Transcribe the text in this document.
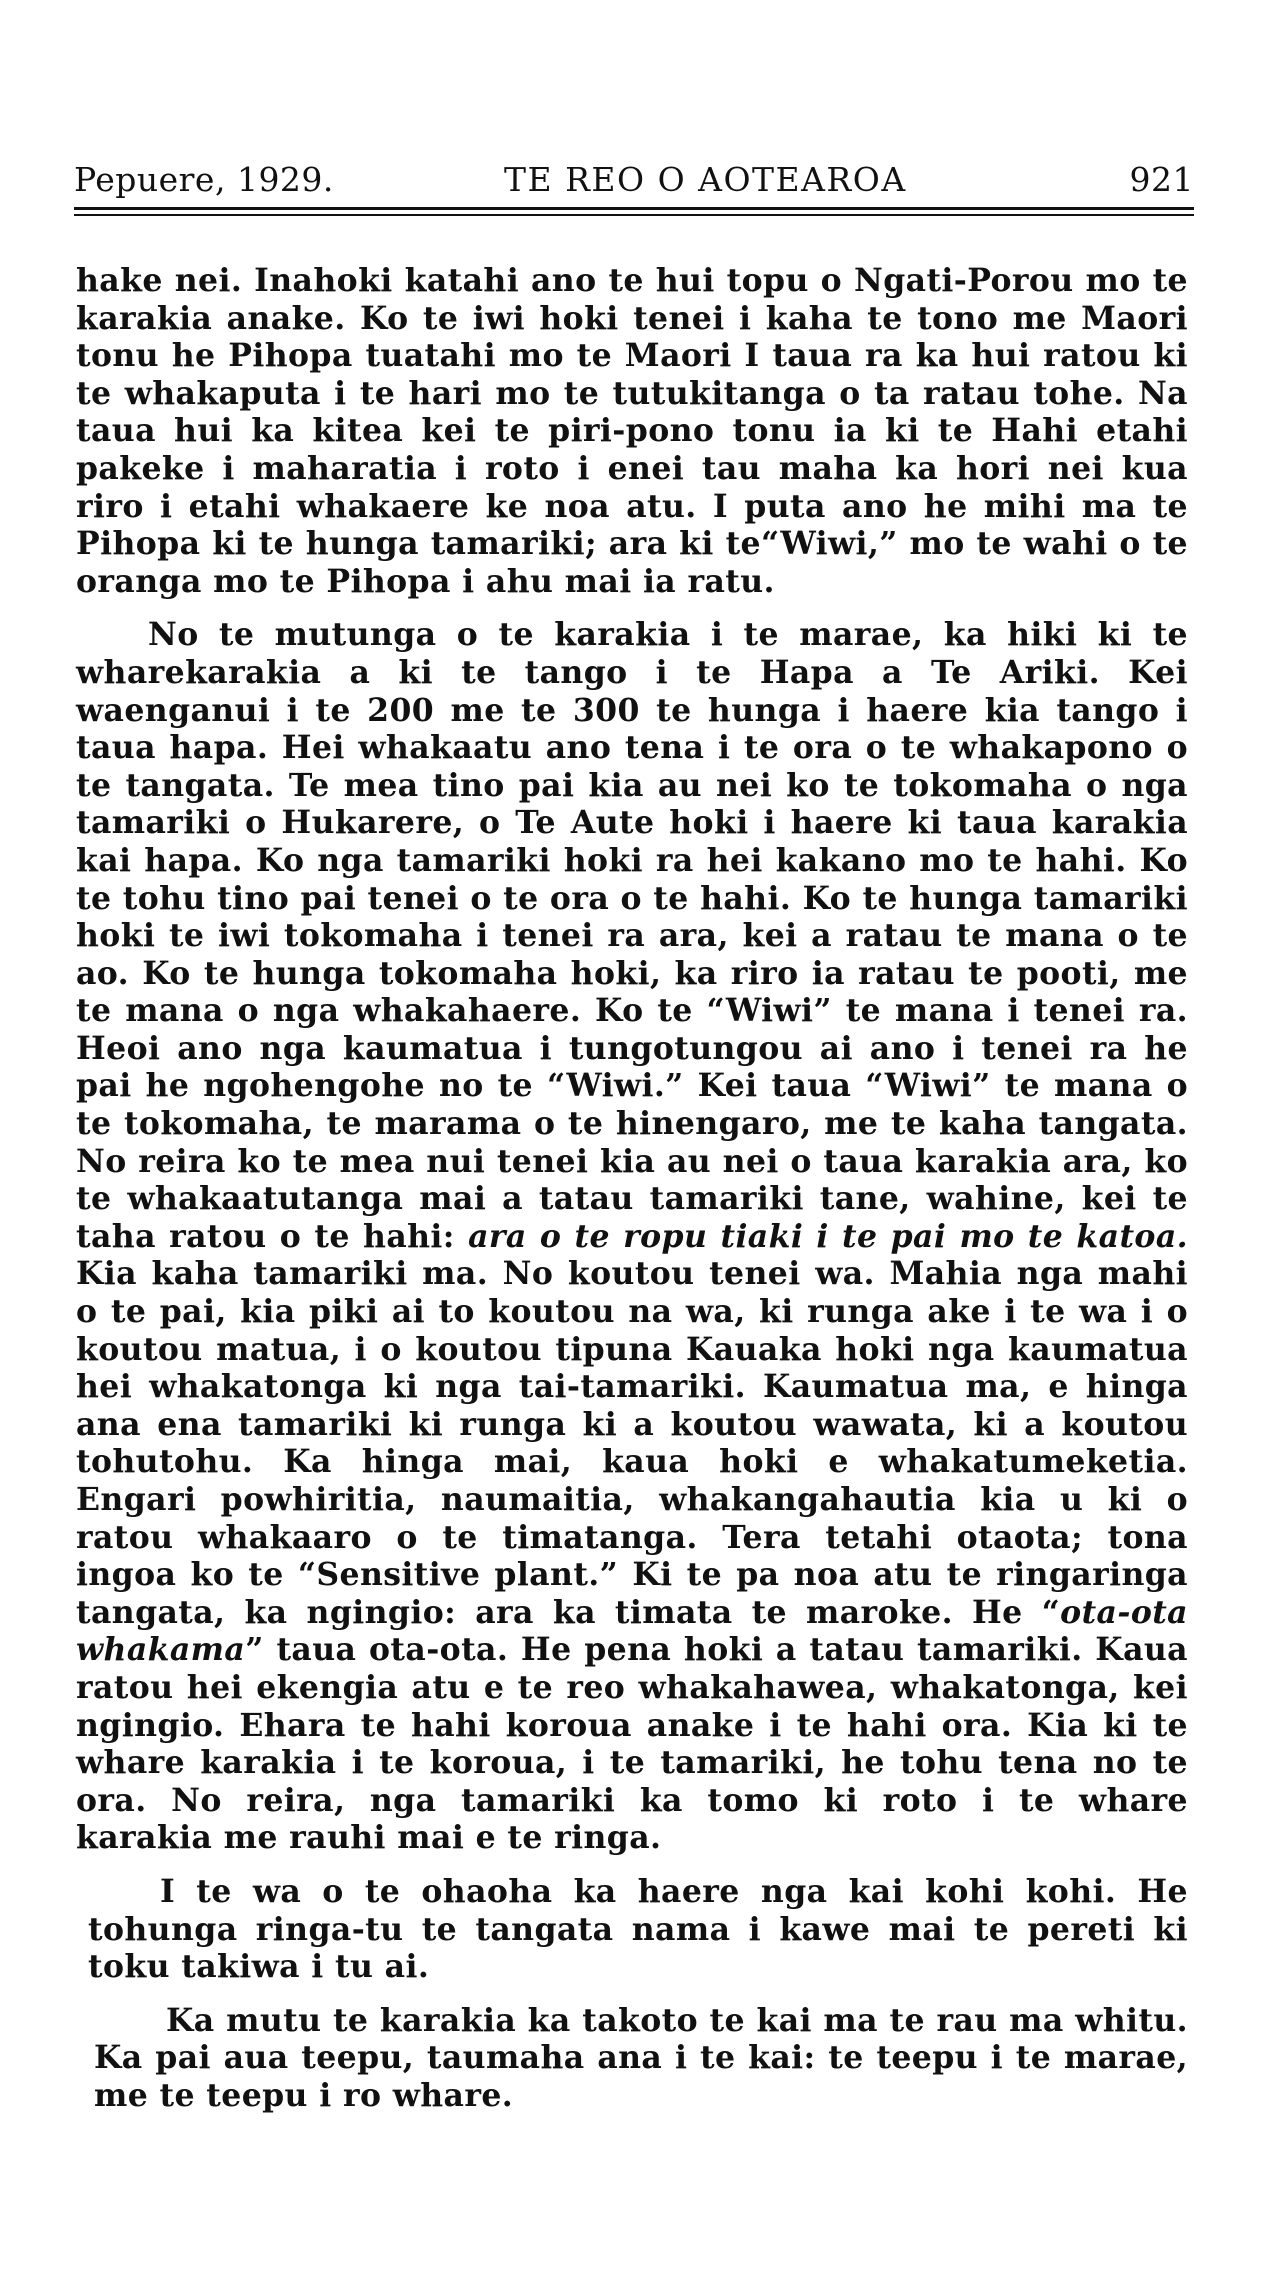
Pepuere, 1929.	TE REO O AOTEAROA	921

hake nei. Inahoki katahi ano te hui topu o Ngati-Porou mo te karakia anake. Ko te iwi hoki tenei i kaha te tono me Maori tonu he Pihopa tuatahi mo te Maori I taua ra ka hui ratou ki te whakaputa i te hari mo te tutukitanga o ta ratau tohe. Na taua hui ka kitea kei te piri-pono tonu ia ki te Hahi etahi pakeke i maharatia i roto i enei tau maha ka hori nei kua riro i etahi whakaere ke noa atu. I puta ano he mihi ma te Pihopa ki te hunga tamariki; ara ki te“Wiwi,” mo te wahi o te oranga mo te Pihopa i ahu mai ia ratu.

No te mutunga o te karakia i te marae, ka hiki ki te wharekarakia a ki te tango i te Hapa a Te Ariki. Kei waenganui i te 200 me te 300 te hunga i haere kia tango i taua hapa. Hei whakaatu ano tena i te ora o te whakapono o te tangata. Te mea tino pai kia au nei ko te tokomaha o nga tamariki o Hukarere, o Te Aute hoki i haere ki taua karakia kai hapa. Ko nga tamariki hoki ra hei kakano mo te hahi. Ko te tohu tino pai tenei o te ora o te hahi. Ko te hunga tamariki hoki te iwi tokomaha i tenei ra ara, kei a ratau te mana o te ao. Ko te hunga tokomaha hoki, ka riro ia ratau te pooti, me te mana o nga whakahaere. Ko te “Wiwi” te mana i tenei ra. Heoi ano nga kaumatua i tungotungou ai ano i tenei ra he pai he ngohengohe no te “Wiwi.” Kei taua “Wiwi” te mana o te tokomaha, te marama o te hinengaro, me te kaha tangata. No reira ko te mea nui tenei kia au nei o taua karakia ara, ko te whakaatutanga mai a tatau tamariki tane, wahine, kei te taha ratou o te hahi: ara o te ropu tiaki i te pai mo te katoa. Kia kaha tamariki ma. No koutou tenei wa. Mahia nga mahi o te pai, kia piki ai to koutou na wa, ki runga ake i te wa i o koutou matua, i o koutou tipuna Kauaka hoki nga kaumatua hei whakatonga ki nga tai-tamariki. Kaumatua ma, e hinga ana ena tamariki ki runga ki a koutou wawata, ki a koutou tohutohu. Ka hinga mai, kaua hoki e whakatumeketia. Engari powhiritia, naumaitia, whakangahautia kia u ki o ratou whakaaro o te timatanga. Tera tetahi otaota; tona ingoa ko te “Sensitive plant.” Ki te pa noa atu te ringaringa tangata, ka ngingio: ara ka timata te maroke. He “ota-ota whakama” taua ota-ota. He pena hoki a tatau tamariki. Kaua ratou hei ekengia atu e te reo whakahawea, whakatonga, kei ngingio. Ehara te hahi koroua anake i te hahi ora. Kia ki te whare karakia i te koroua, i te tamariki, he tohu tena no te ora. No reira, nga tamariki ka tomo ki roto i te whare karakia me rauhi mai e te ringa.

I te wa o te ohaoha ka haere nga kai kohi kohi. He tohunga ringa-tu te tangata nama i kawe mai te pereti ki toku takiwa i tu ai.

Ka mutu te karakia ka takoto te kai ma te rau ma whitu. Ka pai aua teepu, taumaha ana i te kai: te teepu i te marae, me te teepu i ro whare.
